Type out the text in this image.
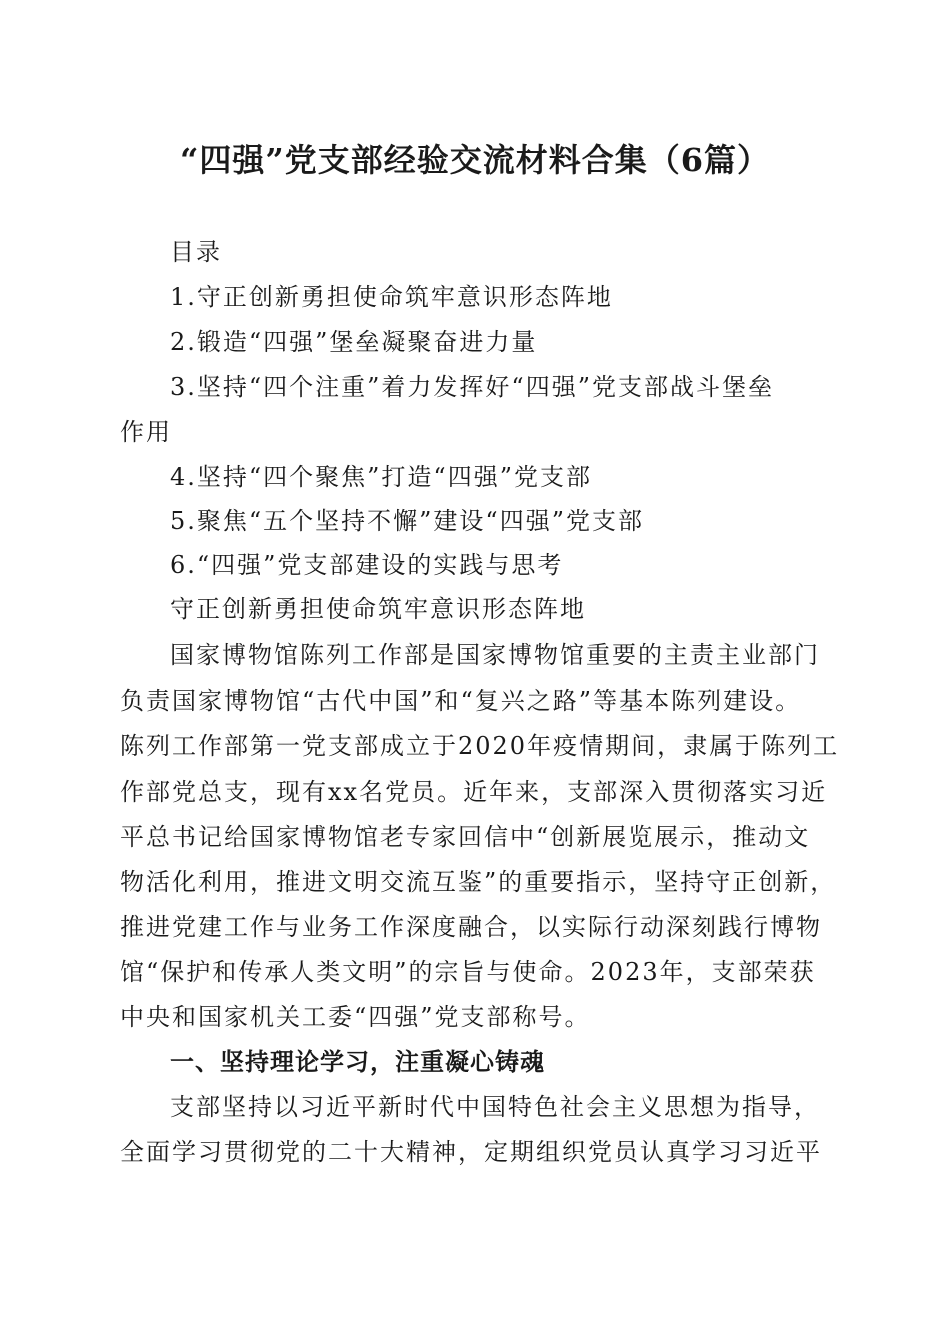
“四强”党支部经验交流材料合集（6篇）
目录
1.守正创新勇担使命筑牢意识形态阵地
2.锻造“四强”堡垒凝聚奋进力量
3.坚持“四个注重”着力发挥好“四强”党支部战斗堡垒
作用
4.坚持“四个聚焦”打造“四强”党支部
5.聚焦“五个坚持不懈”建设“四强”党支部
6.“四强”党支部建设的实践与思考
守正创新勇担使命筑牢意识形态阵地
国家博物馆陈列工作部是国家博物馆重要的主责主业部门
负责国家博物馆“古代中国”和“复兴之路”等基本陈列建设。
陈列工作部第一党支部成立于2020年疫情期间，隶属于陈列工
作部党总支，现有xx名党员。近年来，支部深入贯彻落实习近
平总书记给国家博物馆老专家回信中“创新展览展示，推动文
物活化利用，推进文明交流互鉴”的重要指示，坚持守正创新，
推进党建工作与业务工作深度融合，以实际行动深刻践行博物
馆“保护和传承人类文明”的宗旨与使命。2023年，支部荣获
中央和国家机关工委“四强”党支部称号。
一、坚持理论学习，注重凝心铸魂
支部坚持以习近平新时代中国特色社会主义思想为指导，
全面学习贯彻党的二十大精神，定期组织党员认真学习习近平
